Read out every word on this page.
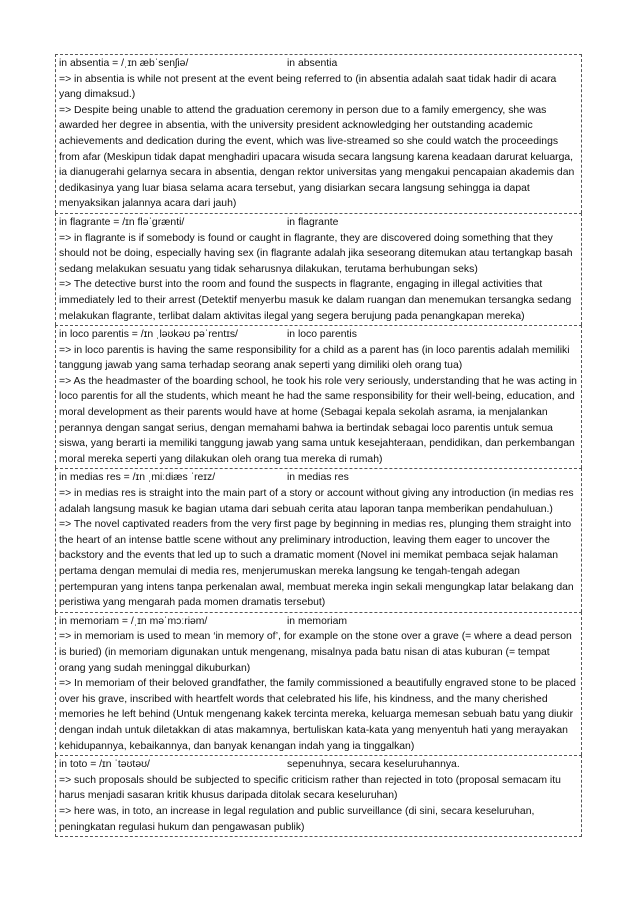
in absentia = /ˌɪn æbˈsenʃiə/	in absentia

=> in absentia is while not present at the event being referred to (in absentia adalah saat tidak hadir di acara yang dimaksud.)

=> Despite being unable to attend the graduation ceremony in person due to a family emergency, she was awarded her degree in absentia, with the university president acknowledging her outstanding academic achievements and dedication during the event, which was live-streamed so she could watch the proceedings from afar (Meskipun tidak dapat menghadiri upacara wisuda secara langsung karena keadaan darurat keluarga, ia dianugerahi gelarnya secara in absentia, dengan rektor universitas yang mengakui pencapaian akademis dan dedikasinya yang luar biasa selama acara tersebut, yang disiarkan secara langsung sehingga ia dapat menyaksikan jalannya acara dari jauh)

in flagrante = /ɪn fləˈɡrænti/	in flagrante

=> in flagrante is if somebody is found or caught in flagrante, they are discovered doing something that they should not be doing, especially having sex (in flagrante adalah jika seseorang ditemukan atau tertangkap basah sedang melakukan sesuatu yang tidak seharusnya dilakukan, terutama berhubungan seks)

=> The detective burst into the room and found the suspects in flagrante, engaging in illegal activities that immediately led to their arrest (Detektif menyerbu masuk ke dalam ruangan dan menemukan tersangka sedang melakukan flagrante, terlibat dalam aktivitas ilegal yang segera berujung pada penangkapan mereka)

in loco parentis = /ɪn ˌləʊkəʊ pəˈrentɪs/	in loco parentis

=> in loco parentis is having the same responsibility for a child as a parent has (in loco parentis adalah memiliki tanggung jawab yang sama terhadap seorang anak seperti yang dimiliki oleh orang tua)

=> As the headmaster of the boarding school, he took his role very seriously, understanding that he was acting in loco parentis for all the students, which meant he had the same responsibility for their well-being, education, and moral development as their parents would have at home (Sebagai kepala sekolah asrama, ia menjalankan perannya dengan sangat serius, dengan memahami bahwa ia bertindak sebagai loco parentis untuk semua siswa, yang berarti ia memiliki tanggung jawab yang sama untuk kesejahteraan, pendidikan, dan perkembangan moral mereka seperti yang dilakukan oleh orang tua mereka di rumah)

in medias res = /ɪn ˌmiːdiæs ˈreɪz/	in medias res

=> in medias res is straight into the main part of a story or account without giving any introduction (in medias res adalah langsung masuk ke bagian utama dari sebuah cerita atau laporan tanpa memberikan pendahuluan.)

=> The novel captivated readers from the very first page by beginning in medias res, plunging them straight into the heart of an intense battle scene without any preliminary introduction, leaving them eager to uncover the backstory and the events that led up to such a dramatic moment (Novel ini memikat pembaca sejak halaman pertama dengan memulai di media res, menjerumuskan mereka langsung ke tengah-tengah adegan pertempuran yang intens tanpa perkenalan awal, membuat mereka ingin sekali mengungkap latar belakang dan peristiwa yang mengarah pada momen dramatis tersebut)

in memoriam = /ˌɪn məˈmɔːriəm/	in memoriam

=> in memoriam is used to mean ‘in memory of’, for example on the stone over a grave (= where a dead person is buried) (in memoriam digunakan untuk mengenang, misalnya pada batu nisan di atas kuburan (= tempat orang yang sudah meninggal dikuburkan)

=> In memoriam of their beloved grandfather, the family commissioned a beautifully engraved stone to be placed over his grave, inscribed with heartfelt words that celebrated his life, his kindness, and the many cherished memories he left behind (Untuk mengenang kakek tercinta mereka, keluarga memesan sebuah batu yang diukir dengan indah untuk diletakkan di atas makamnya, bertuliskan kata-kata yang menyentuh hati yang merayakan kehidupannya, kebaikannya, dan banyak kenangan indah yang ia tinggalkan)

in toto = /ɪn ˈtəʊtəʊ/	sepenuhnya, secara keseluruhannya.

=> such proposals should be subjected to specific criticism rather than rejected in toto (proposal semacam itu harus menjadi sasaran kritik khusus daripada ditolak secara keseluruhan)

=> here was, in toto, an increase in legal regulation and public surveillance (di sini, secara keseluruhan, peningkatan regulasi hukum dan pengawasan publik)
